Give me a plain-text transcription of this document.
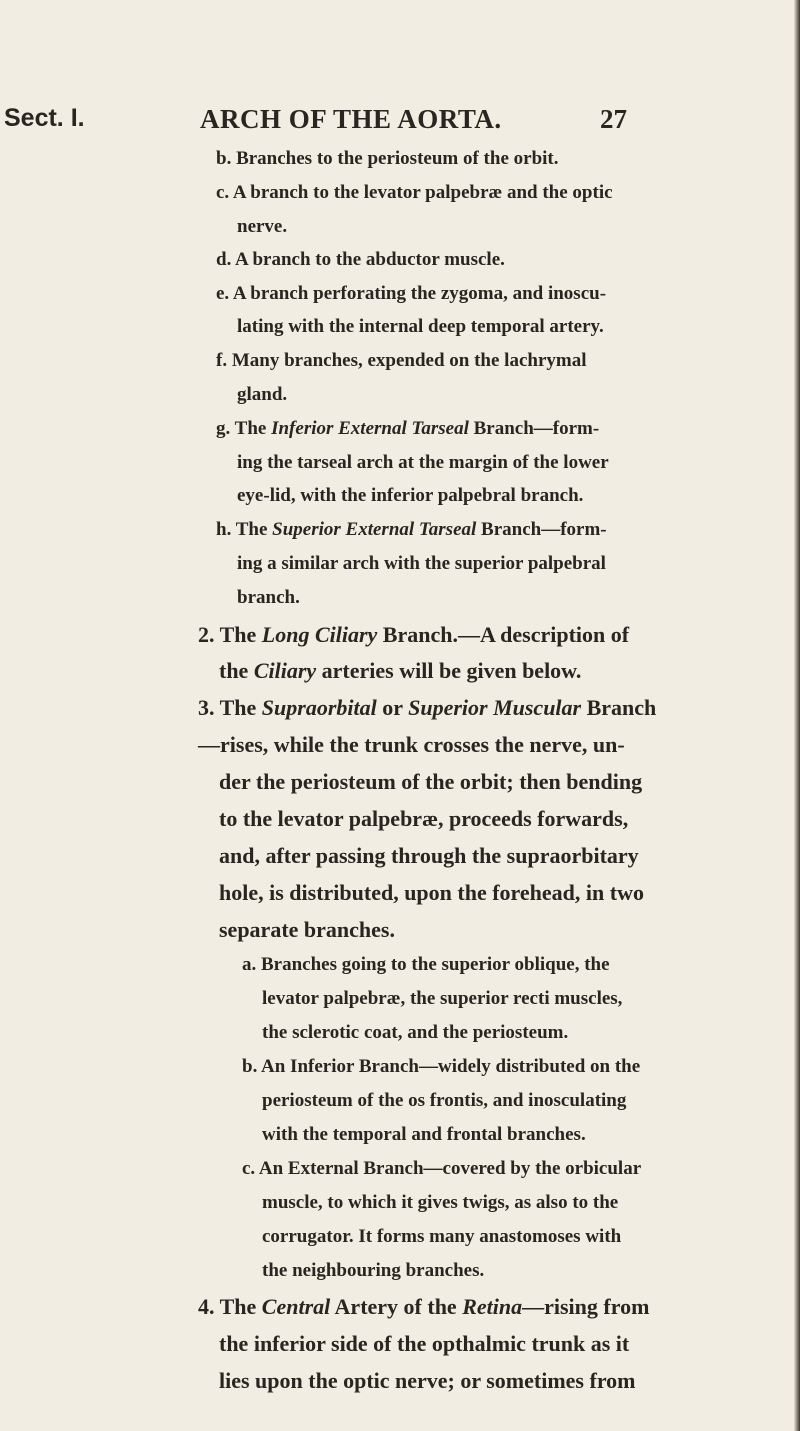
Sect. I.	ARCH OF THE AORTA.	27
b. Branches to the periosteum of the orbit.
c. A branch to the levator palpebræ and the optic
nerve.
d. A branch to the abductor muscle.
e. A branch perforating the zygoma, and inoscu-
lating with the internal deep temporal artery.
f. Many branches, expended on the lachrymal
gland.
g. The Inferior External Tarseal Branch—form-
ing the tarseal arch at the margin of the lower
eye-lid, with the inferior palpebral branch.
h. The Superior External Tarseal Branch—form-
ing a similar arch with the superior palpebral
branch.
2. The Long Ciliary Branch.—A description of
the Ciliary arteries will be given below.
3. The Supraorbital or Superior Muscular Branch
—rises, while the trunk crosses the nerve, un-
der the periosteum of the orbit; then bending
to the levator palpebræ, proceeds forwards,
and, after passing through the supraorbitary
hole, is distributed, upon the forehead, in two
separate branches.
a. Branches going to the superior oblique, the
levator palpebræ, the superior recti muscles,
the sclerotic coat, and the periosteum.
b. An Inferior Branch—widely distributed on the
periosteum of the os frontis, and inosculating
with the temporal and frontal branches.
c. An External Branch—covered by the orbicular
muscle, to which it gives twigs, as also to the
corrugator. It forms many anastomoses with
the neighbouring branches.
4. The Central Artery of the Retina—rising from
the inferior side of the opthalmic trunk as it
lies upon the optic nerve; or sometimes from
